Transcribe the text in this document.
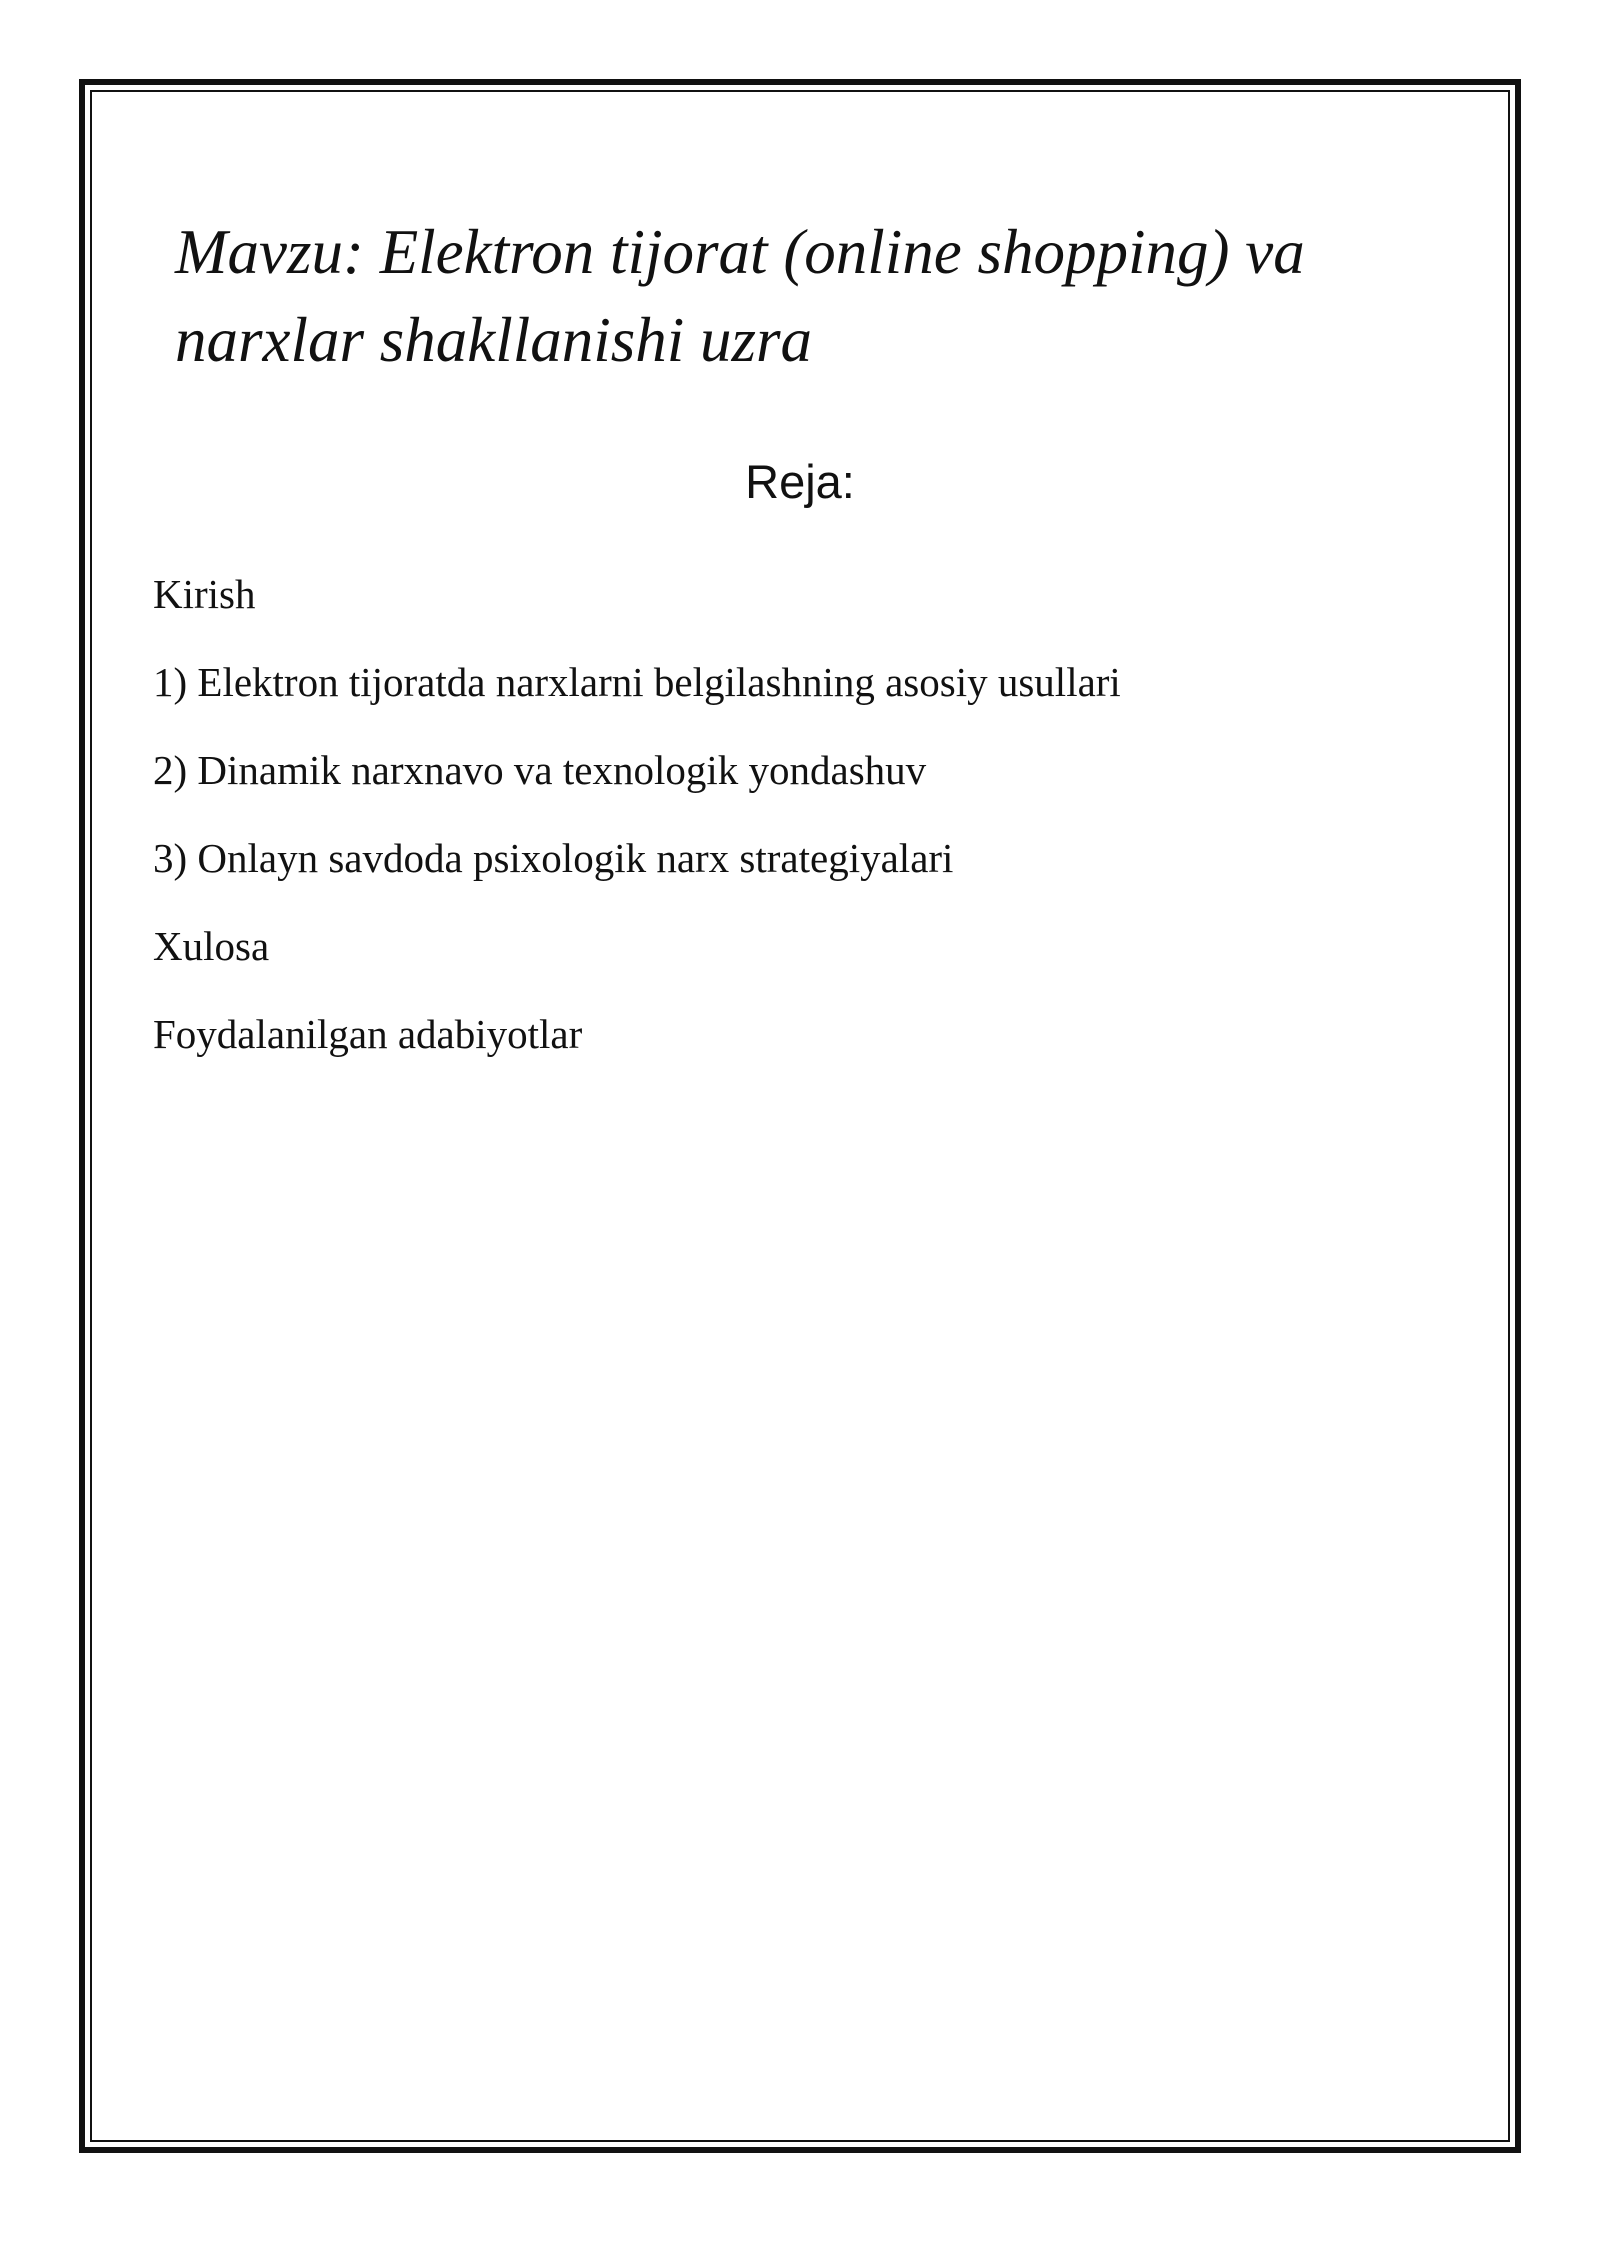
Mavzu: Elektron tijorat (online shopping) va narxlar shakllanishi uzra
Reja:
Kirish
1) Elektron tijoratda narxlarni belgilashning asosiy usullari
2) Dinamik narxnavo va texnologik yondashuv
3) Onlayn savdoda psixologik narx strategiyalari
Xulosa
Foydalanilgan adabiyotlar
